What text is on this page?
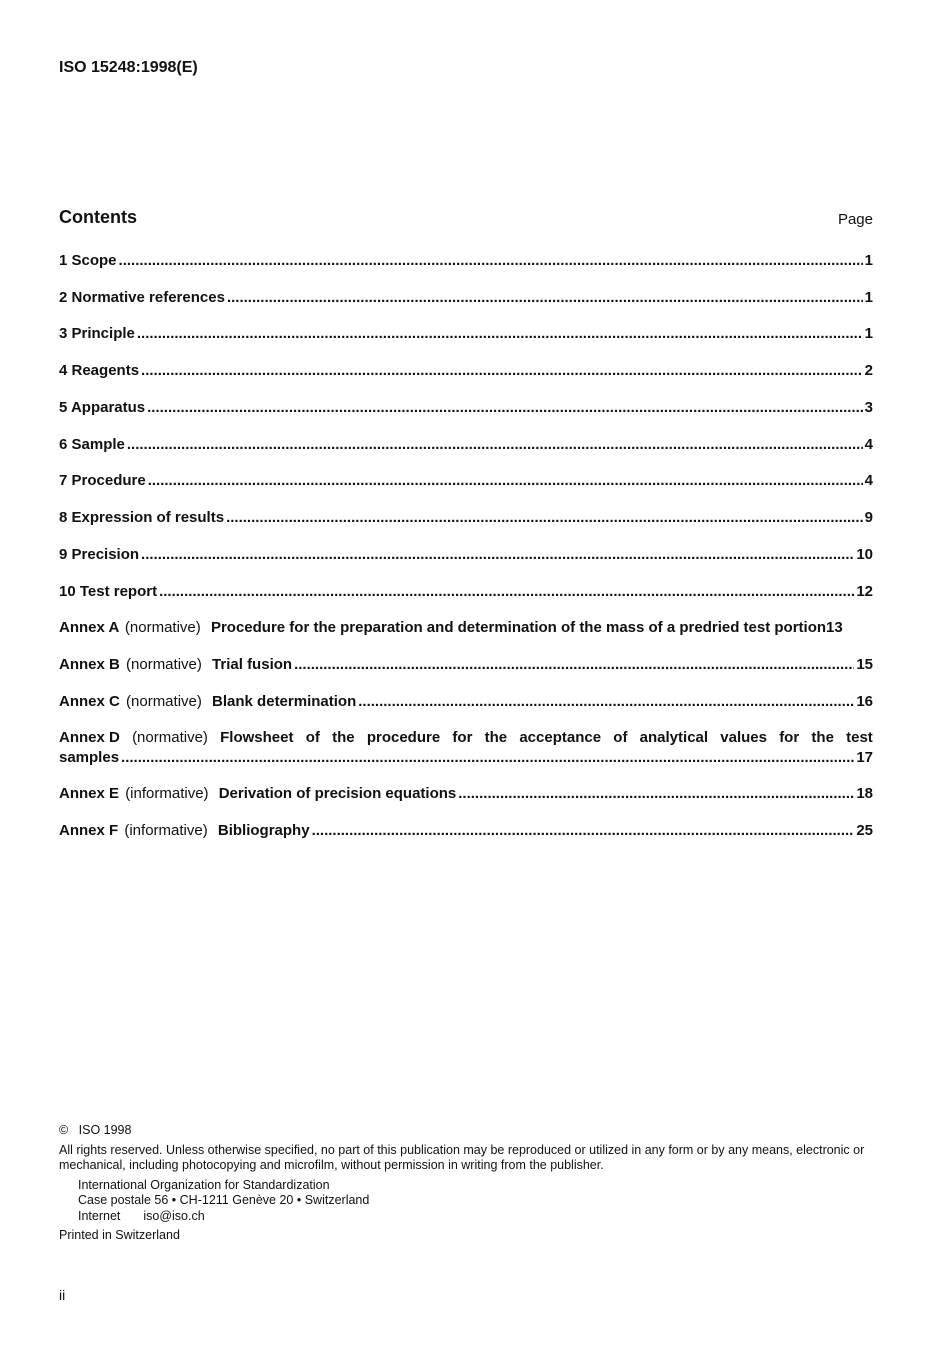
ISO 15248:1998(E)
Contents	Page
1 Scope .....	1
2 Normative references .....	1
3 Principle .....	1
4 Reagents .....	2
5 Apparatus .....	3
6 Sample .....	4
7 Procedure .....	4
8 Expression of results .....	9
9 Precision .....	10
10 Test report .....	12
Annex A (normative) Procedure for the preparation and determination of the mass of a predried test portion 13
Annex B (normative) Trial fusion .....	15
Annex C (normative) Blank determination .....	16
Annex D (normative) Flowsheet of the procedure for the acceptance of analytical values for the test
samples .....	17
Annex E (informative) Derivation of precision equations .....	18
Annex F (informative) Bibliography .....	25
©   ISO 1998
All rights reserved. Unless otherwise specified, no part of this publication may be reproduced or utilized in any form or by any means, electronic or mechanical, including photocopying and microfilm, without permission in writing from the publisher.
International Organization for Standardization
Case postale 56 • CH-1211 Genève 20 • Switzerland
Internet iso@iso.ch
Printed in Switzerland
ii
